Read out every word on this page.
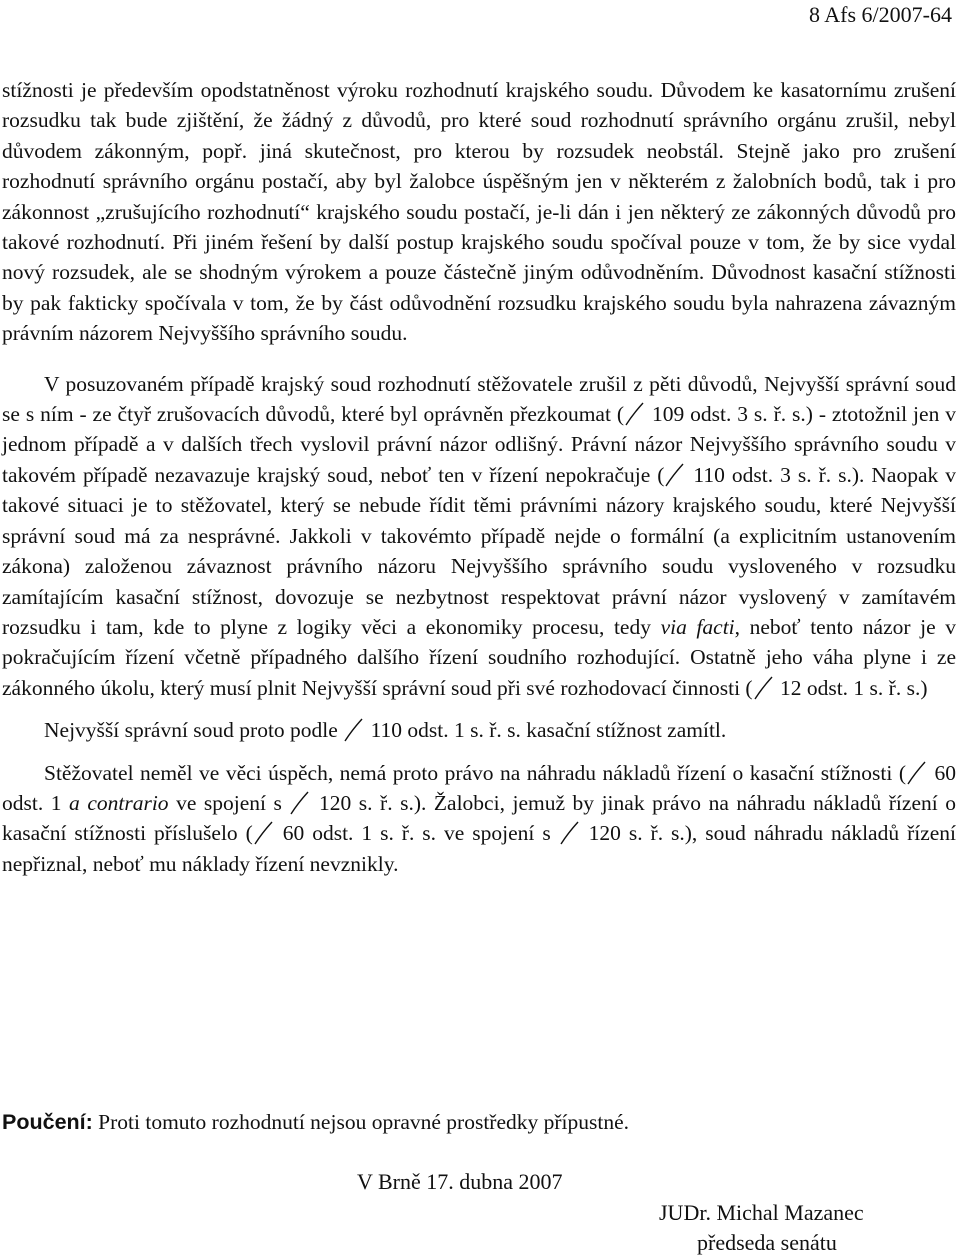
8 Afs 6/2007-64

stížnosti je především opodstatněnost výroku rozhodnutí krajského soudu. Důvodem ke kasatornímu zrušení rozsudku tak bude zjištění, že žádný z důvodů, pro které soud rozhodnutí správního orgánu zrušil, nebyl důvodem zákonným, popř. jiná skutečnost, pro kterou by rozsudek neobstál. Stejně jako pro zrušení rozhodnutí správního orgánu postačí, aby byl žalobce úspěšným jen v některém z žalobních bodů, tak i pro zákonnost „zrušujícího rozhodnutí“ krajského soudu postačí, je-li dán i jen některý ze zákonných důvodů pro takové rozhodnutí. Při jiném řešení by další postup krajského soudu spočíval pouze v tom, že by sice vydal nový rozsudek, ale se shodným výrokem a pouze částečně jiným odůvodněním. Důvodnost kasační stížnosti by pak fakticky spočívala v tom, že by část odůvodnění rozsudku krajského soudu byla nahrazena závazným právním názorem Nejvyššího správního soudu.

V posuzovaném případě krajský soud rozhodnutí stěžovatele zrušil z pěti důvodů, Nejvyšší správní soud se s ním - ze čtyř zrušovacích důvodů, které byl oprávněn přezkoumat ( 109 odst. 3 s. ř. s.) - ztotožnil jen v jednom případě a v dalších třech vyslovil právní názor odlišný. Právní názor Nejvyššího správního soudu v takovém případě nezavazuje krajský soud, neboť ten v řízení nepokračuje ( 110 odst. 3 s. ř. s.). Naopak v takové situaci je to stěžovatel, který se nebude řídit těmi právními názory krajského soudu, které Nejvyšší správní soud má za nesprávné. Jakkoli v takovémto případě nejde o formální (a explicitním ustanovením zákona) založenou závaznost právního názoru Nejvyššího správního soudu vysloveného v rozsudku zamítajícím kasační stížnost, dovozuje se nezbytnost respektovat právní názor vyslovený v zamítavém rozsudku i tam, kde to plyne z logiky věci a ekonomiky procesu, tedy via facti, neboť tento názor je v pokračujícím řízení včetně případného dalšího řízení soudního rozhodující. Ostatně jeho váha plyne i ze zákonného úkolu, který musí plnit Nejvyšší správní soud při své rozhodovací činnosti ( 12 odst. 1 s. ř. s.)

Nejvyšší správní soud proto podle  110 odst. 1 s. ř. s. kasační stížnost zamítl.

Stěžovatel neměl ve věci úspěch, nemá proto právo na náhradu nákladů řízení o kasační stížnosti ( 60 odst. 1 a contrario ve spojení s  120 s. ř. s.). Žalobci, jemuž by jinak právo na náhradu nákladů řízení o kasační stížnosti příslušelo ( 60 odst. 1 s. ř. s. ve spojení s  120 s. ř. s.), soud náhradu nákladů řízení nepřiznal, neboť mu náklady řízení nevznikly.

Poučení: Proti tomuto rozhodnutí nejsou opravné prostředky přípustné.
V Brně 17. dubna 2007
JUDr. Michal Mazanec
předseda senátu
